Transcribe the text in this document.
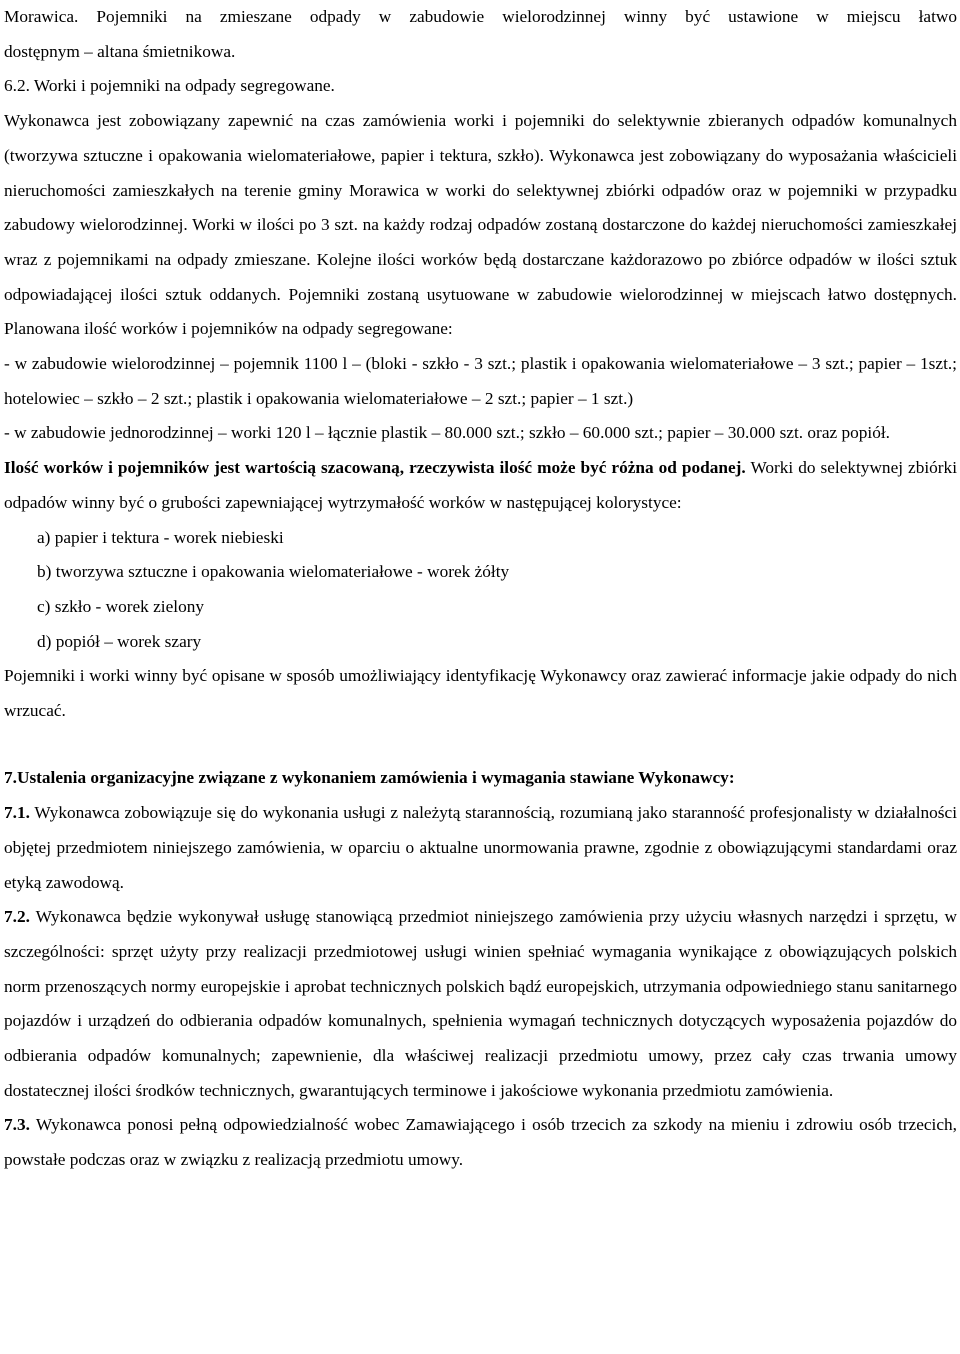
Morawica. Pojemniki na zmieszane odpady w zabudowie wielorodzinnej winny być ustawione w miejscu łatwo
dostępnym – altana śmietnikowa.
6.2. Worki i pojemniki na odpady segregowane.
Wykonawca jest zobowiązany zapewnić na czas zamówienia worki i pojemniki do selektywnie zbieranych odpadów komunalnych (tworzywa sztuczne i opakowania wielomateriałowe, papier i tektura, szkło). Wykonawca jest zobowiązany do wyposażania właścicieli nieruchomości zamieszkałych na terenie gminy Morawica w worki do selektywnej zbiórki odpadów oraz w pojemniki w przypadku zabudowy wielorodzinnej. Worki w ilości po 3 szt. na każdy rodzaj odpadów zostaną dostarczone do każdej nieruchomości zamieszkałej wraz z pojemnikami na odpady zmieszane. Kolejne ilości worków będą dostarczane każdorazowo po zbiórce odpadów w ilości sztuk odpowiadającej ilości sztuk oddanych. Pojemniki zostaną usytuowane w zabudowie wielorodzinnej w miejscach łatwo dostępnych. Planowana ilość worków i pojemników na odpady segregowane:
- w zabudowie wielorodzinnej – pojemnik 1100 l – (bloki - szkło - 3 szt.; plastik i opakowania wielomateriałowe – 3 szt.; papier – 1szt.; hotelowiec – szkło – 2 szt.; plastik i opakowania wielomateriałowe – 2 szt.; papier – 1 szt.)
- w zabudowie jednorodzinnej – worki 120 l – łącznie plastik – 80.000 szt.; szkło – 60.000 szt.; papier – 30.000 szt. oraz popiół.
Ilość worków i pojemników jest wartością szacowaną, rzeczywista ilość może być różna od podanej. Worki do selektywnej zbiórki odpadów winny być o grubości zapewniającej wytrzymałość worków w następującej kolorystyce:
a) papier i tektura - worek niebieski
b) tworzywa sztuczne i opakowania wielomateriałowe - worek żółty
c) szkło - worek zielony
d) popiół – worek szary
Pojemniki i worki winny być opisane w sposób umożliwiający identyfikację Wykonawcy oraz zawierać informacje jakie odpady do nich wrzucać.
7.Ustalenia organizacyjne związane z wykonaniem zamówienia i wymagania stawiane Wykonawcy:
7.1. Wykonawca zobowiązuje się do wykonania usługi z należytą starannością, rozumianą jako staranność profesjonalisty w działalności objętej przedmiotem niniejszego zamówienia, w oparciu o aktualne unormowania prawne, zgodnie z obowiązującymi standardami oraz etyką zawodową.
7.2. Wykonawca będzie wykonywał usługę stanowiącą przedmiot niniejszego zamówienia przy użyciu własnych narzędzi i sprzętu, w szczególności: sprzęt użyty przy realizacji przedmiotowej usługi winien spełniać wymagania wynikające z obowiązujących polskich norm przenoszących normy europejskie i aprobat technicznych polskich bądź europejskich, utrzymania odpowiedniego stanu sanitarnego pojazdów i urządzeń do odbierania odpadów komunalnych, spełnienia wymagań technicznych dotyczących wyposażenia pojazdów do odbierania odpadów komunalnych; zapewnienie, dla właściwej realizacji przedmiotu umowy, przez cały czas trwania umowy dostatecznej ilości środków technicznych, gwarantujących terminowe i jakościowe wykonania przedmiotu zamówienia.
7.3. Wykonawca ponosi pełną odpowiedzialność wobec Zamawiającego i osób trzecich za szkody na mieniu i zdrowiu osób trzecich, powstałe podczas oraz w związku z realizacją przedmiotu umowy.
